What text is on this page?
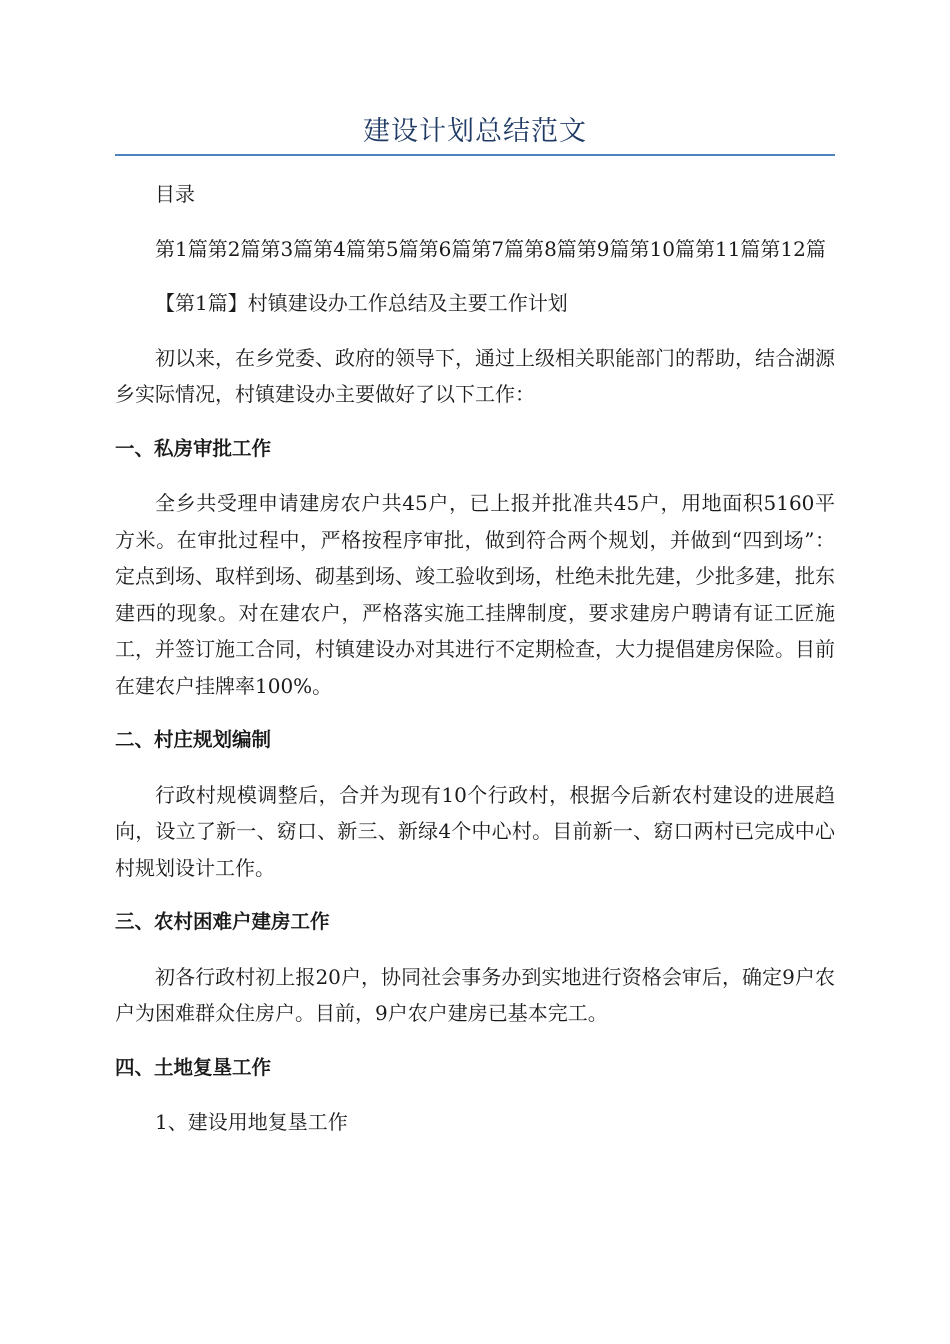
建设计划总结范文

目录

第1篇第2篇第3篇第4篇第5篇第6篇第7篇第8篇第9篇第10篇第11篇第12篇

【第1篇】村镇建设办工作总结及主要工作计划

初以来，在乡党委、政府的领导下，通过上级相关职能部门的帮助，结合湖源乡实际情况，村镇建设办主要做好了以下工作：

一、私房审批工作

全乡共受理申请建房农户共45户，已上报并批准共45户，用地面积5160平方米。在审批过程中，严格按程序审批，做到符合两个规划，并做到“四到场”：定点到场、取样到场、砌基到场、竣工验收到场，杜绝未批先建，少批多建，批东建西的现象。对在建农户，严格落实施工挂牌制度，要求建房户聘请有证工匠施工，并签订施工合同，村镇建设办对其进行不定期检查，大力提倡建房保险。目前在建农户挂牌率100%。

二、村庄规划编制

行政村规模调整后，合并为现有10个行政村，根据今后新农村建设的进展趋向，设立了新一、窈口、新三、新绿4个中心村。目前新一、窈口两村已完成中心村规划设计工作。

三、农村困难户建房工作

初各行政村初上报20户，协同社会事务办到实地进行资格会审后，确定9户农户为困难群众住房户。目前，9户农户建房已基本完工。

四、土地复垦工作

1、建设用地复垦工作
